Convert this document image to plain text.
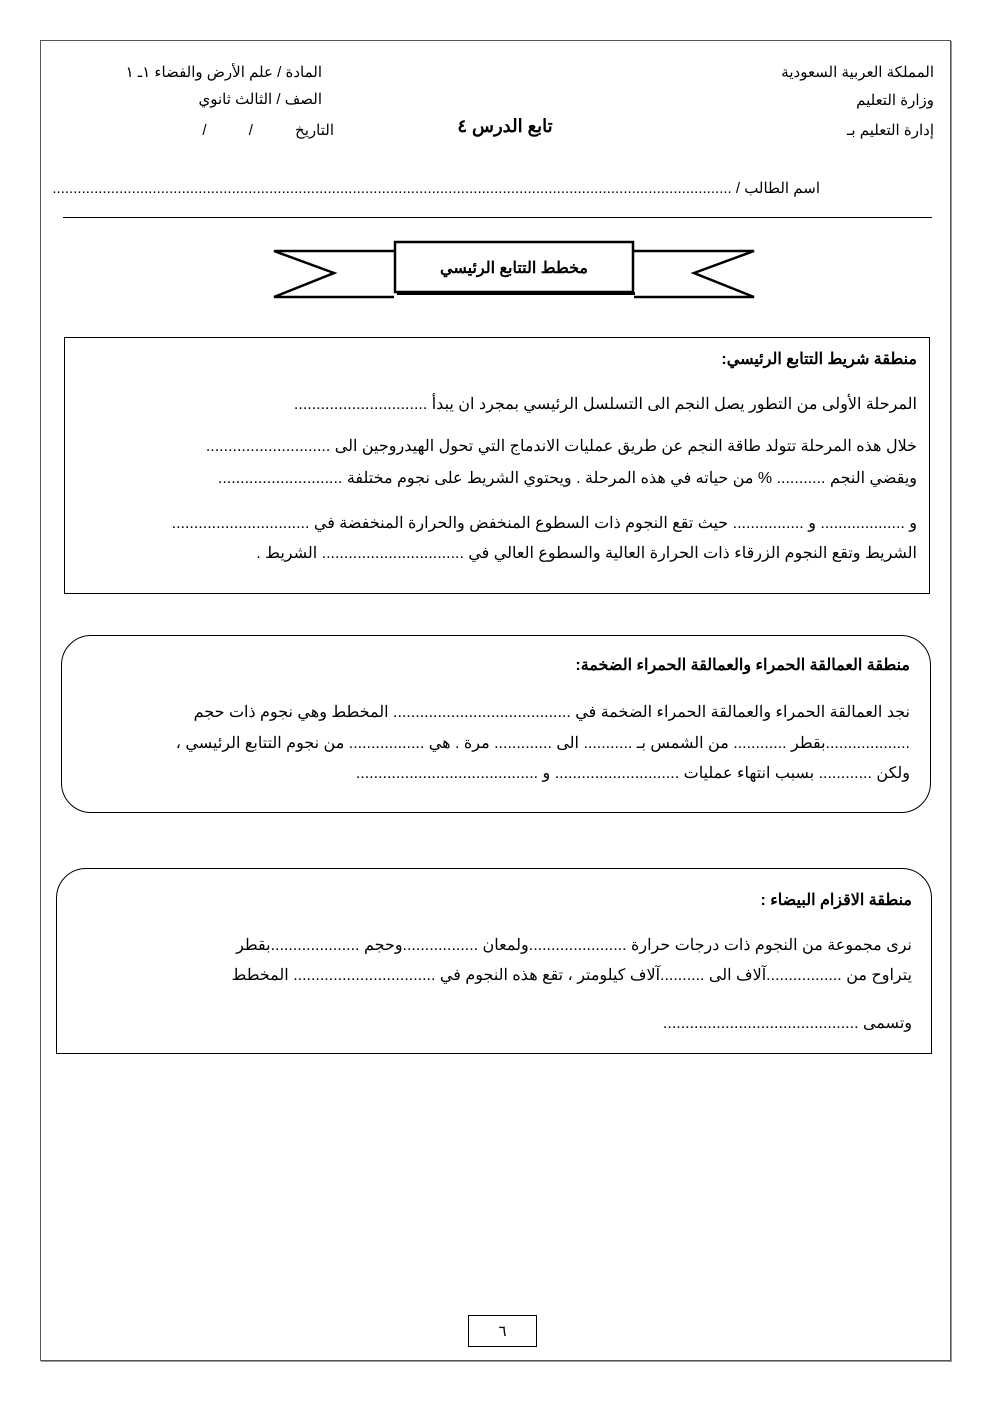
المملكة العربية السعودية
وزارة التعليم
إدارة التعليم بـ
المادة / علم الأرض والفضاء ١ـ ١
الصف / الثالث ثانوي
التاريخ / /	تابع الدرس ٤
اسم الطالب / ...................................................................................................................................................................
مخطط التتابع الرئيسي
منطقة شريط التتابع الرئيسي:
المرحلة الأولى من التطور يصل النجم الى التسلسل الرئيسي بمجرد ان يبدأ ..............................
خلال هذه المرحلة تتولد طاقة النجم عن طريق عمليات الاندماج التي تحول الهيدروجين الى ............................
ويقضي النجم ........... % من حياته في هذه المرحلة . ويحتوي الشريط على نجوم مختلفة ............................
و ................... و ................ حيث تقع النجوم ذات السطوع المنخفض والحرارة المنخفضة في ...............................
الشريط وتقع النجوم الزرقاء ذات الحرارة العالية والسطوع العالي في ................................ الشريط .
منطقة العمالقة الحمراء والعمالقة الحمراء الضخمة:
نجد العمالقة الحمراء والعمالقة الحمراء الضخمة في ........................................ المخطط وهي نجوم ذات حجم
...................بقطر ............ من الشمس بـ ........... الى ............. مرة . هي ................. من نجوم التتابع الرئيسي ،
ولكن ............ بسبب انتهاء عمليات ............................ و .........................................
منطقة الاقزام البيضاء :
نرى مجموعة من النجوم ذات درجات حرارة ......................ولمعان .................وحجم ....................بقطر
يتراوح من .................آلاف الى ..........آلاف كيلومتر ، تقع هذه النجوم في ................................ المخطط
وتسمى ............................................
٦
